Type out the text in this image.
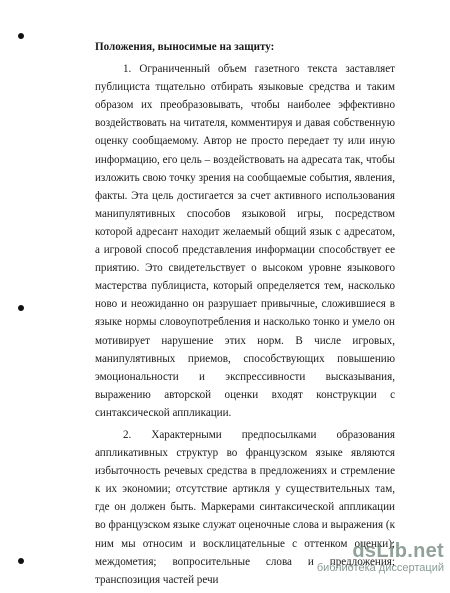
Положения, выносимые на защиту:

1. Ограниченный объем газетного текста заставляет публициста тщательно отбирать языковые средства и таким образом их преобразовывать, чтобы наиболее эффективно воздействовать на читателя, комментируя и давая собственную оценку сообщаемому. Автор не просто передает ту или иную информацию, его цель – воздействовать на адресата так, чтобы изложить свою точку зрения на сообщаемые события, явления, факты. Эта цель достигается за счет активного использования манипулятивных способов языковой игры, посредством которой адресант находит желаемый общий язык с адресатом, а игровой способ представления информации способствует ее приятию. Это свидетельствует о высоком уровне языкового мастерства публициста, который определяется тем, насколько ново и неожиданно он разрушает привычные, сложившиеся в языке нормы словоупотребления и насколько тонко и умело он мотивирует нарушение этих норм. В числе игровых, манипулятивных приемов, способствующих повышению эмоциональности и экспрессивности высказывания, выражению авторской оценки входят конструкции с синтаксической аппликации.

2. Характерными предпосылками образования аппликативных структур во французском языке являются избыточность речевых средства в предложениях и стремление к их экономии; отсутствие артикля у существительных там, где он должен быть. Маркерами синтаксической аппликации во французском языке служат оценочные слова и выражения (к ним мы относим и восклицательные с оттенком оценки); междометия; вопросительные слова и предложения; транспозиция частей речи

dsLib.net
библиотека диссертаций
